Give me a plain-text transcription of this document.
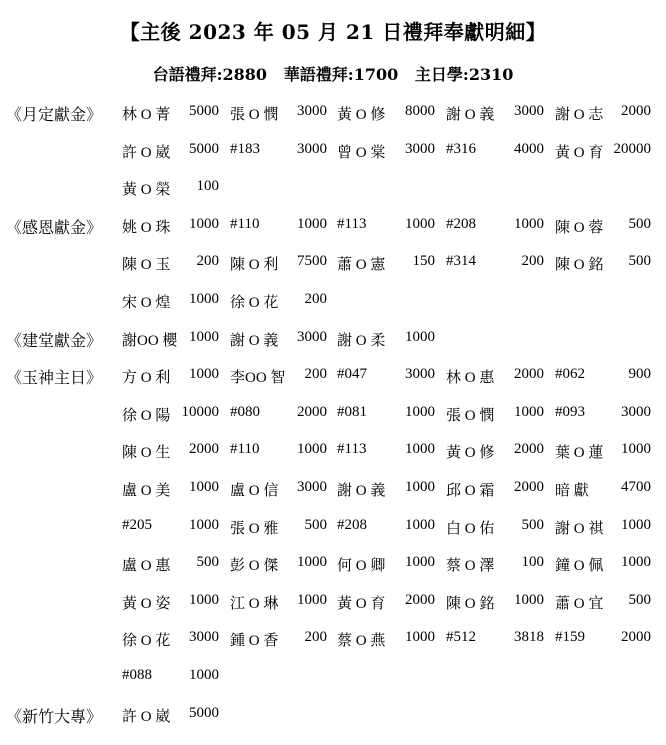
【主後 2023 年 05 月 21 日禮拜奉獻明細】
台語禮拜:2880   華語禮拜:1700   主日學:2310
《月定獻金》	林 O 菁 5000 張 O 憫 3000 黃 O 修 8000 謝 O 義 3000 謝 O 志 2000
許 O 崴 5000 #183 3000 曾 O 棠 3000 #316	4000 黃 O 育 20000
黃 O 榮 100
《感恩獻金》	姚 O 珠 1000 #110	1000 #113	1000 #208	1000 陳 O 蓉 500
陳 O 玉 200 陳 O 利 7500 蕭 O 憲 150 #314	200 陳 O 銘 500
宋 O 煌 1000 徐 O 花 200
《建堂獻金》	謝OO 櫻 1000 謝 O 義 3000 謝 O 柔 1000
《玉神主日》	方 O 利 1000 李OO 智 200 #047	3000 林 O 惠 2000 #062	900
徐 O 陽 10000 #080 2000 #081	1000 張 O 憫 1000 #093 3000
陳 O 生 2000 #110	1000 #113	1000 黃 O 修 2000 葉 O 蓮 1000
盧 O 美 1000 盧 O 信 3000 謝 O 義 1000 邱 O 霜 2000 暗 獻 4700
#205 1000 張 O 雅 500 #208	1000 白 O 佑 500 謝 O 祺 1000
盧 O 惠 500 彭 O 傑 1000 何 O 卿 1000 蔡 O 澤 100 鐘 O 佩 1000
黃 O 姿 1000 江 O 琳 1000 黃 O 育 2000 陳 O 銘 1000 蕭 O 宜 500
徐 O 花 3000 鍾 O 香 200 蔡 O 燕 1000 #512	3818 #159 2000
#088 1000
《新竹大專》	許 O 崴 5000
